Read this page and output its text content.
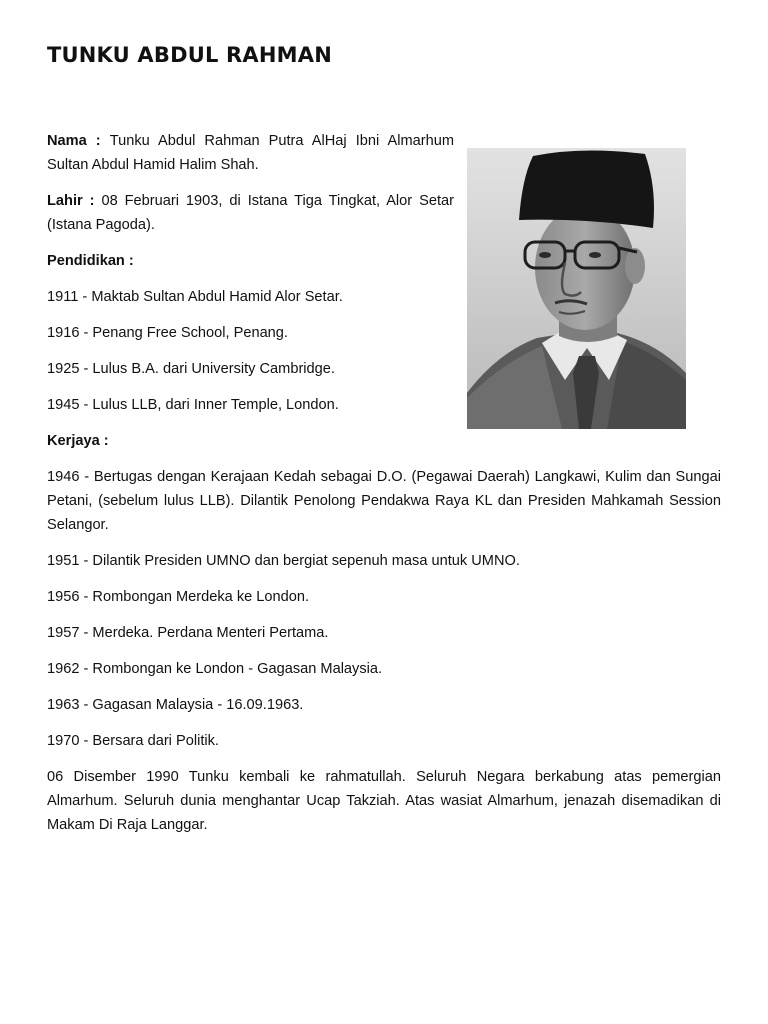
TUNKU ABDUL RAHMAN

Nama : Tunku Abdul Rahman Putra AlHaj Ibni Almarhum Sultan Abdul Hamid Halim Shah.

Lahir : 08 Februari 1903, di Istana Tiga Tingkat, Alor Setar (Istana Pagoda).

Pendidikan :

1911 - Maktab Sultan Abdul Hamid Alor Setar.

1916 - Penang Free School, Penang.

1925 - Lulus B.A. dari University Cambridge.

1945 - Lulus LLB, dari Inner Temple, London.

Kerjaya :

1946 - Bertugas dengan Kerajaan Kedah sebagai D.O. (Pegawai Daerah) Langkawi, Kulim dan Sungai Petani, (sebelum lulus LLB). Dilantik Penolong Pendakwa Raya KL dan Presiden Mahkamah Session Selangor.

1951 - Dilantik Presiden UMNO dan bergiat sepenuh masa untuk UMNO.

1956 - Rombongan Merdeka ke London.

1957 - Merdeka. Perdana Menteri Pertama.

1962 - Rombongan ke London - Gagasan Malaysia.

1963 - Gagasan Malaysia - 16.09.1963.

1970 - Bersara dari Politik.

06 Disember 1990 Tunku kembali ke rahmatullah. Seluruh Negara berkabung atas pemergian Almarhum. Seluruh dunia menghantar Ucap Takziah. Atas wasiat Almarhum, jenazah disemadikan di Makam Di Raja Langgar.
